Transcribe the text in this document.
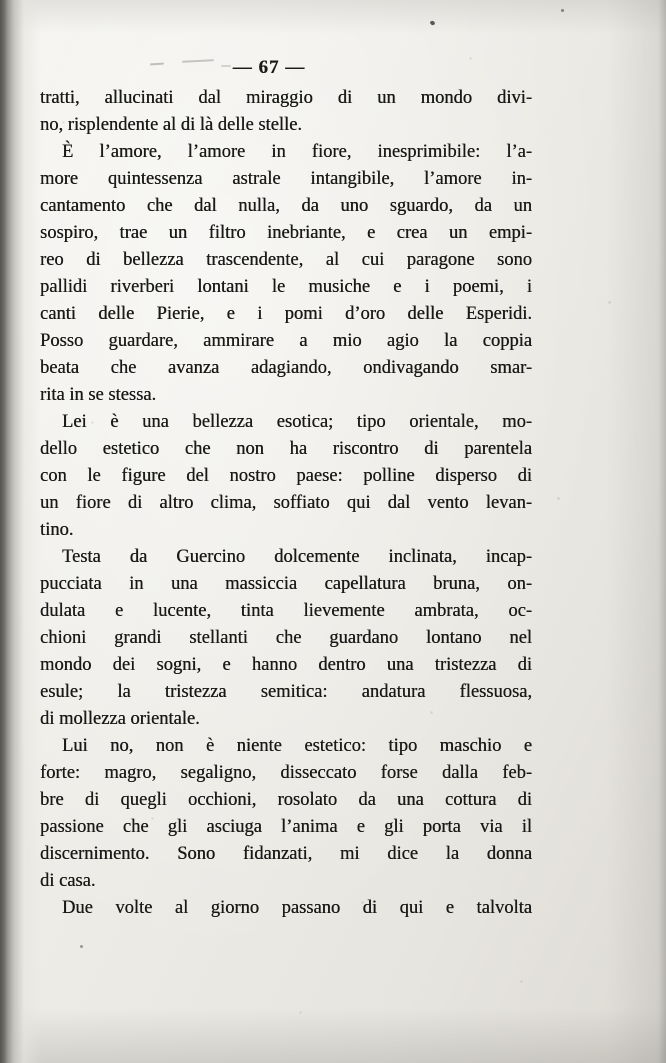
— 67 —
tratti, allucinati dal miraggio di un mondo divi-
no, risplendente al di là delle stelle.
È l’amore, l’amore in fiore, inesprimibile: l’a-
more quintessenza astrale intangibile, l’amore in-
cantamento che dal nulla, da uno sguardo, da un
sospiro, trae un filtro inebriante, e crea un empi-
reo di bellezza trascendente, al cui paragone sono
pallidi riverberi lontani le musiche e i poemi, i
canti delle Pierie, e i pomi d’oro delle Esperidi.
Posso guardare, ammirare a mio agio la coppia
beata che avanza adagiando, ondivagando smar-
rita in se stessa.
Lei è una bellezza esotica; tipo orientale, mo-
dello estetico che non ha riscontro di parentela
con le figure del nostro paese: polline disperso di
un fiore di altro clima, soffiato qui dal vento levan-
tino.
Testa da Guercino dolcemente inclinata, incap-
pucciata in una massiccia capellatura bruna, on-
dulata e lucente, tinta lievemente ambrata, oc-
chioni grandi stellanti che guardano lontano nel
mondo dei sogni, e hanno dentro una tristezza di
esule; la tristezza semitica: andatura flessuosa,
di mollezza orientale.
Lui no, non è niente estetico: tipo maschio e
forte: magro, segaligno, disseccato forse dalla feb-
bre di quegli occhioni, rosolato da una cottura di
passione che gli asciuga l’anima e gli porta via il
discernimento. Sono fidanzati, mi dice la donna
di casa.
Due volte al giorno passano di qui e talvolta
